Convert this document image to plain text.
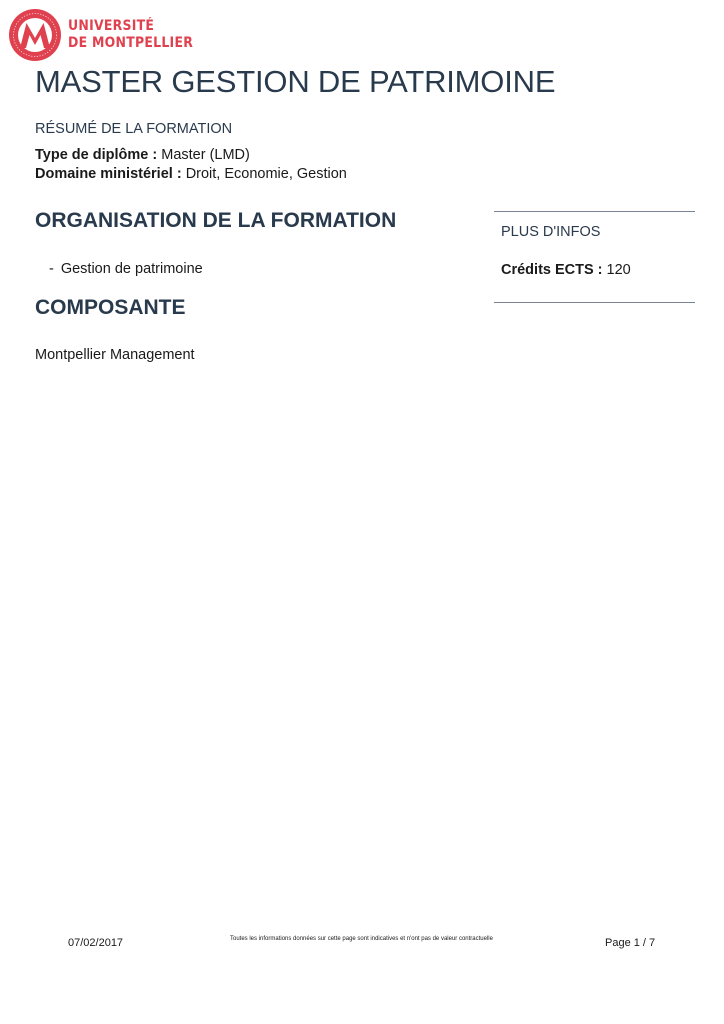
UNIVERSITÉ
DE MONTPELLIER
MASTER GESTION DE PATRIMOINE
RÉSUMÉ DE LA FORMATION
Type de diplôme : Master (LMD)
Domaine ministériel : Droit, Economie, Gestion
ORGANISATION DE LA FORMATION
- Gestion de patrimoine
COMPOSANTE
Montpellier Management
PLUS D'INFOS
Crédits ECTS : 120
07/02/2017	Toutes les informations données sur cette page sont indicatives et n'ont pas de valeur contractuelle	Page 1 / 7
